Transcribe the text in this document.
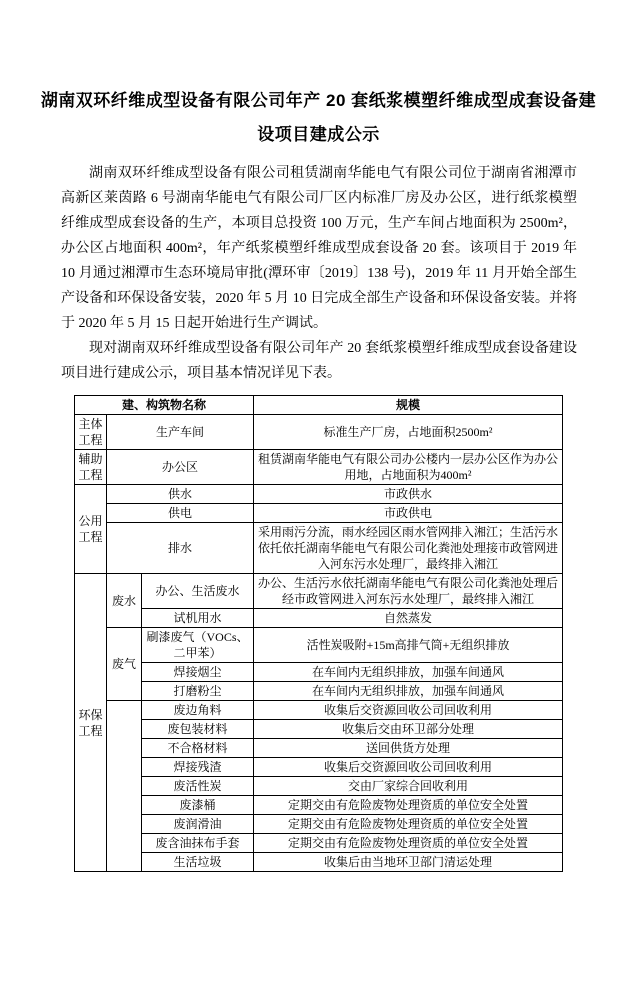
湖南双环纤维成型设备有限公司年产 20 套纸浆模塑纤维成型成套设备建设项目建成公示

湖南双环纤维成型设备有限公司租赁湖南华能电气有限公司位于湖南省湘潭市高新区莱茵路 6 号湖南华能电气有限公司厂区内标准厂房及办公区，进行纸浆模塑纤维成型成套设备的生产，本项目总投资 100 万元，生产车间占地面积为 2500m²，办公区占地面积 400m²，年产纸浆模塑纤维成型成套设备 20 套。该项目于 2019 年 10 月通过湘潭市生态环境局审批(潭环审〔2019〕138 号)，2019 年 11 月开始全部生产设备和环保设备安装，2020 年 5 月 10 日完成全部生产设备和环保设备安装。并将于 2020 年 5 月 15 日起开始进行生产调试。

现对湖南双环纤维成型设备有限公司年产 20 套纸浆模塑纤维成型成套设备建设项目进行建成公示，项目基本情况详见下表。

建、构筑物名称			规模
主体工程	生产车间		标准生产厂房，占地面积2500m²
辅助工程	办公区		租赁湖南华能电气有限公司办公楼内一层办公区作为办公用地，占地面积为400m²
公用工程	供水		市政供水
	供电		市政供电
	排水		采用雨污分流，雨水经园区雨水管网排入湘江；生活污水依托依托湖南华能电气有限公司化粪池处理接市政管网进入河东污水处理厂，最终排入湘江
环保工程	废水	办公、生活废水	办公、生活污水依托湖南华能电气有限公司化粪池处理后经市政管网进入河东污水处理厂，最终排入湘江
		试机用水	自然蒸发
	废气	刷漆废气（VOCs、二甲苯）	活性炭吸附+15m高排气筒+无组织排放
		焊接烟尘	在车间内无组织排放，加强车间通风
		打磨粉尘	在车间内无组织排放，加强车间通风
		废边角料	收集后交资源回收公司回收利用
		废包装材料	收集后交由环卫部分处理
		不合格材料	送回供货方处理
		焊接残渣	收集后交资源回收公司回收利用
		废活性炭	交由厂家综合回收利用
		废漆桶	定期交由有危险废物处理资质的单位安全处置
		废润滑油	定期交由有危险废物处理资质的单位安全处置
		废含油抹布手套	定期交由有危险废物处理资质的单位安全处置
		生活垃圾	收集后由当地环卫部门清运处理
